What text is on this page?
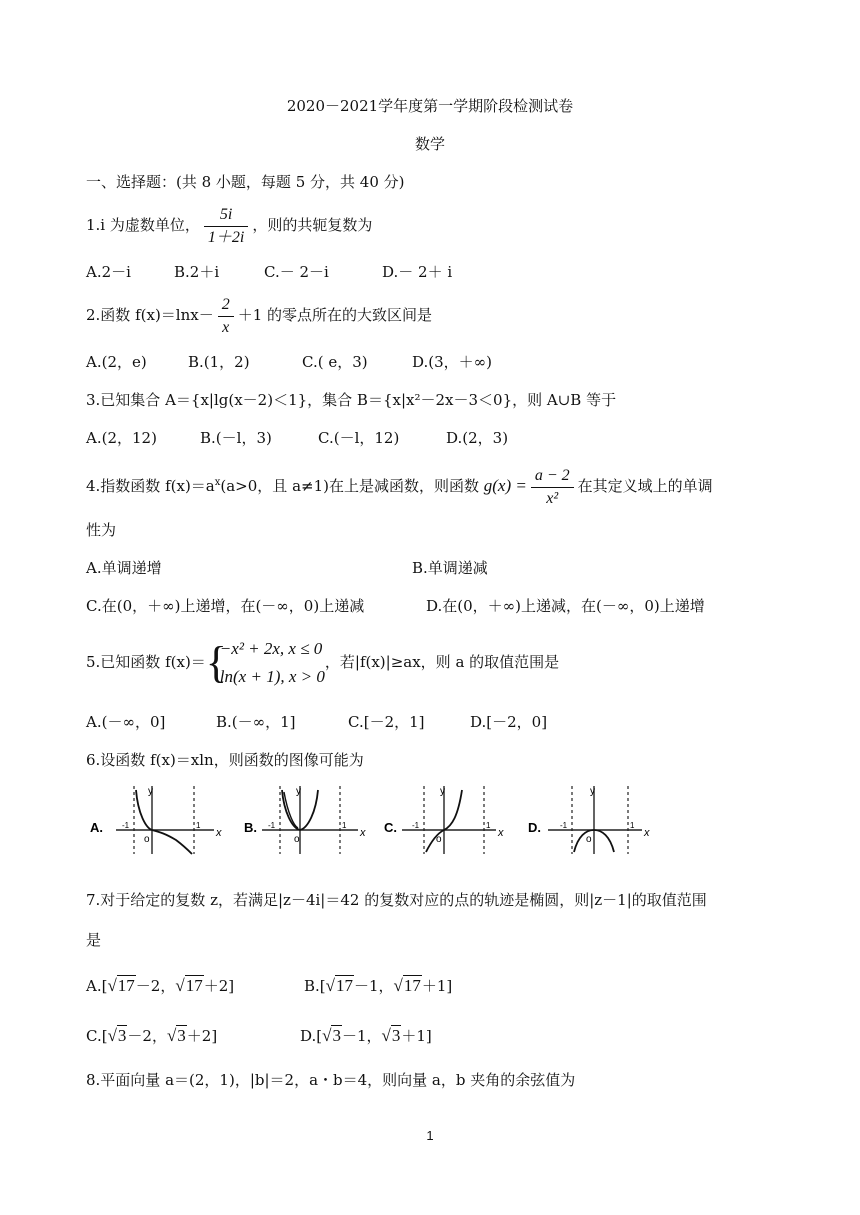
2020－2021学年度第一学期阶段检测试卷
数学
一、选择题：(共 8 小题，每题 5 分，共 40 分)
1.i 为虚数单位， $\frac{5i}{1+2i}$ ，则的共轭复数为
A.2－i	B.2＋i	C.－ 2－i	D.－ 2＋ i
2.函数 $f(x)=\ln x- \frac{2}{x} +1$ 的零点所在的大致区间是
A.(2，e)	B.(1，2)	C.( e，3)	D.(3，＋∞)
3.已知集合 A＝{x|lg(x－2)＜1}，集合 B＝{x|x²－2x－3＜0}，则 A∪B 等于
A.(2，12)	B.(－l，3)	C.(－l，12)	D.(2，3)
4.指数函数 $f(x)=a^x(a>0$，且 a≠1)在上是减函数，则函数 $g(x) = \frac{a - 2}{\text{x²}}$ 在其定义域上的单调
性为
A.单调递增	B.单调递减
C.在(0，＋∞)上递增，在(－∞，0)上递减	D.在(0，＋∞)上递减，在(－∞，0)上递增
5.已知函数 f(x)＝ {
−x² + 2x, x ≤ 0
ln(x + 1), x > 0
，若|f(x)|≥ax，则 a 的取值范围是
A.(－∞，0]	B.(－∞，1]	C.[－2，1]	D.[－2，0]
6.设函数 f(x)＝xln，则函数的图像可能为
A.
y
x
o
-1	1	B.
y
x
o
-1	1	C.
y
x
o
-1	1	D.
y
x
o
-1	1
7.对于给定的复数 z，若满足|z－4i|＝42 的复数对应的点的轨迹是椭圆，则|z－1|的取值范围
是
A.[√17－2，√17＋2]	B.[√17－1，√17＋1]
C.[√3－2，√3＋2]	D.[√3－1，√3＋1]
8.平面向量 a＝(2，1)，|b|＝2，a・b＝4，则向量 a，b 夹角的余弦值为
1
